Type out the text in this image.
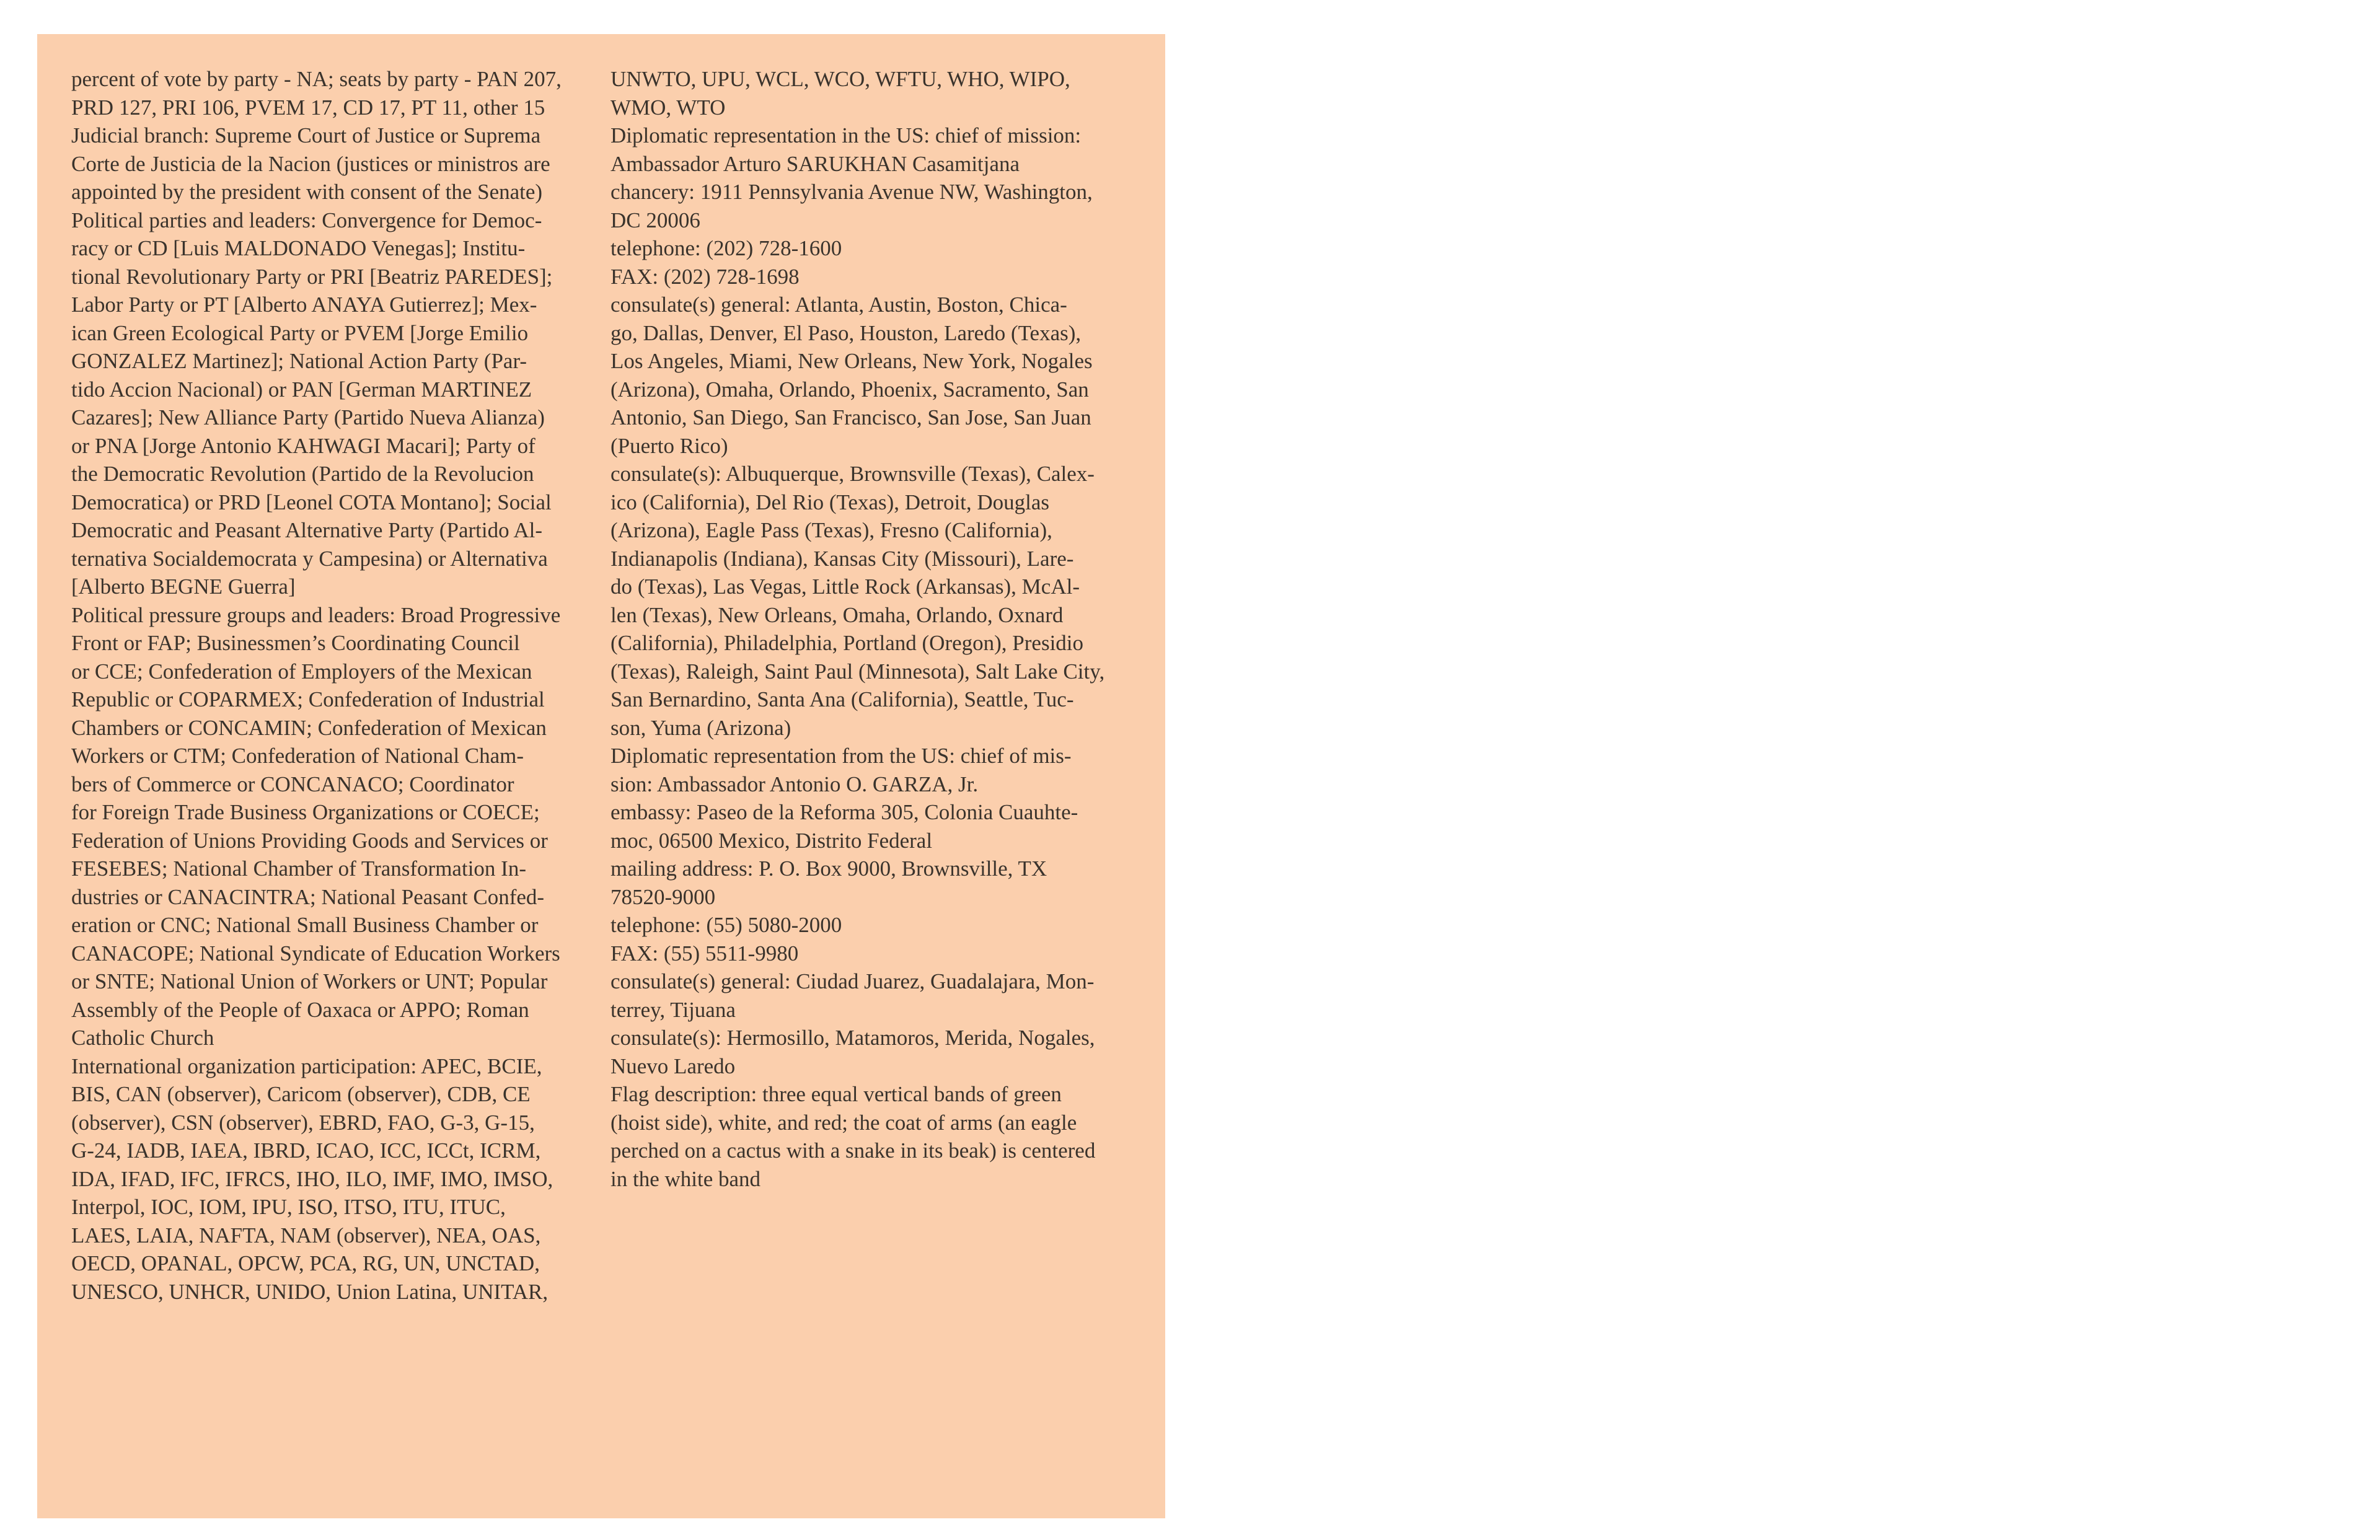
percent of vote by party - NA; seats by party - PAN 207,
PRD 127, PRI 106, PVEM 17, CD 17, PT 11, other 15
Judicial branch: Supreme Court of Justice or Suprema
Corte de Justicia de la Nacion (justices or ministros are
appointed by the president with consent of the Senate)
Political parties and leaders: Convergence for Democ-
racy or CD [Luis MALDONADO Venegas]; Institu-
tional Revolutionary Party or PRI [Beatriz PAREDES];
Labor Party or PT [Alberto ANAYA Gutierrez]; Mex-
ican Green Ecological Party or PVEM [Jorge Emilio
GONZALEZ Martinez]; National Action Party (Par-
tido Accion Nacional) or PAN [German MARTINEZ
Cazares]; New Alliance Party (Partido Nueva Alianza)
or PNA [Jorge Antonio KAHWAGI Macari]; Party of
the Democratic Revolution (Partido de la Revolucion
Democratica) or PRD [Leonel COTA Montano]; Social
Democratic and Peasant Alternative Party (Partido Al-
ternativa Socialdemocrata y Campesina) or Alternativa
[Alberto BEGNE Guerra]
Political pressure groups and leaders: Broad Progressive
Front or FAP; Businessmen’s Coordinating Council
or CCE; Confederation of Employers of the Mexican
Republic or COPARMEX; Confederation of Industrial
Chambers or CONCAMIN; Confederation of Mexican
Workers or CTM; Confederation of National Cham-
bers of Commerce or CONCANACO; Coordinator
for Foreign Trade Business Organizations or COECE;
Federation of Unions Providing Goods and Services or
FESEBES; National Chamber of Transformation In-
dustries or CANACINTRA; National Peasant Confed-
eration or CNC; National Small Business Chamber or
CANACOPE; National Syndicate of Education Workers
or SNTE; National Union of Workers or UNT; Popular
Assembly of the People of Oaxaca or APPO; Roman
Catholic Church
International organization participation: APEC, BCIE,
BIS, CAN (observer), Caricom (observer), CDB, CE
(observer), CSN (observer), EBRD, FAO, G-3, G-15,
G-24, IADB, IAEA, IBRD, ICAO, ICC, ICCt, ICRM,
IDA, IFAD, IFC, IFRCS, IHO, ILO, IMF, IMO, IMSO,
Interpol, IOC, IOM, IPU, ISO, ITSO, ITU, ITUC,
LAES, LAIA, NAFTA, NAM (observer), NEA, OAS,
OECD, OPANAL, OPCW, PCA, RG, UN, UNCTAD,
UNESCO, UNHCR, UNIDO, Union Latina, UNITAR,
UNWTO, UPU, WCL, WCO, WFTU, WHO, WIPO,
WMO, WTO
Diplomatic representation in the US: chief of mission:
Ambassador Arturo SARUKHAN Casamitjana
chancery: 1911 Pennsylvania Avenue NW, Washington,
DC 20006
telephone: (202) 728-1600
FAX: (202) 728-1698
consulate(s) general: Atlanta, Austin, Boston, Chica-
go, Dallas, Denver, El Paso, Houston, Laredo (Texas),
Los Angeles, Miami, New Orleans, New York, Nogales
(Arizona), Omaha, Orlando, Phoenix, Sacramento, San
Antonio, San Diego, San Francisco, San Jose, San Juan
(Puerto Rico)
consulate(s): Albuquerque, Brownsville (Texas), Calex-
ico (California), Del Rio (Texas), Detroit, Douglas
(Arizona), Eagle Pass (Texas), Fresno (California),
Indianapolis (Indiana), Kansas City (Missouri), Lare-
do (Texas), Las Vegas, Little Rock (Arkansas), McAl-
len (Texas), New Orleans, Omaha, Orlando, Oxnard
(California), Philadelphia, Portland (Oregon), Presidio
(Texas), Raleigh, Saint Paul (Minnesota), Salt Lake City,
San Bernardino, Santa Ana (California), Seattle, Tuc-
son, Yuma (Arizona)
Diplomatic representation from the US: chief of mis-
sion: Ambassador Antonio O. GARZA, Jr.
embassy: Paseo de la Reforma 305, Colonia Cuauhte-
moc, 06500 Mexico, Distrito Federal
mailing address: P. O. Box 9000, Brownsville, TX
78520-9000
telephone: (55) 5080-2000
FAX: (55) 5511-9980
consulate(s) general: Ciudad Juarez, Guadalajara, Mon-
terrey, Tijuana
consulate(s): Hermosillo, Matamoros, Merida, Nogales,
Nuevo Laredo
Flag description: three equal vertical bands of green
(hoist side), white, and red; the coat of arms (an eagle
perched on a cactus with a snake in its beak) is centered
in the white band
